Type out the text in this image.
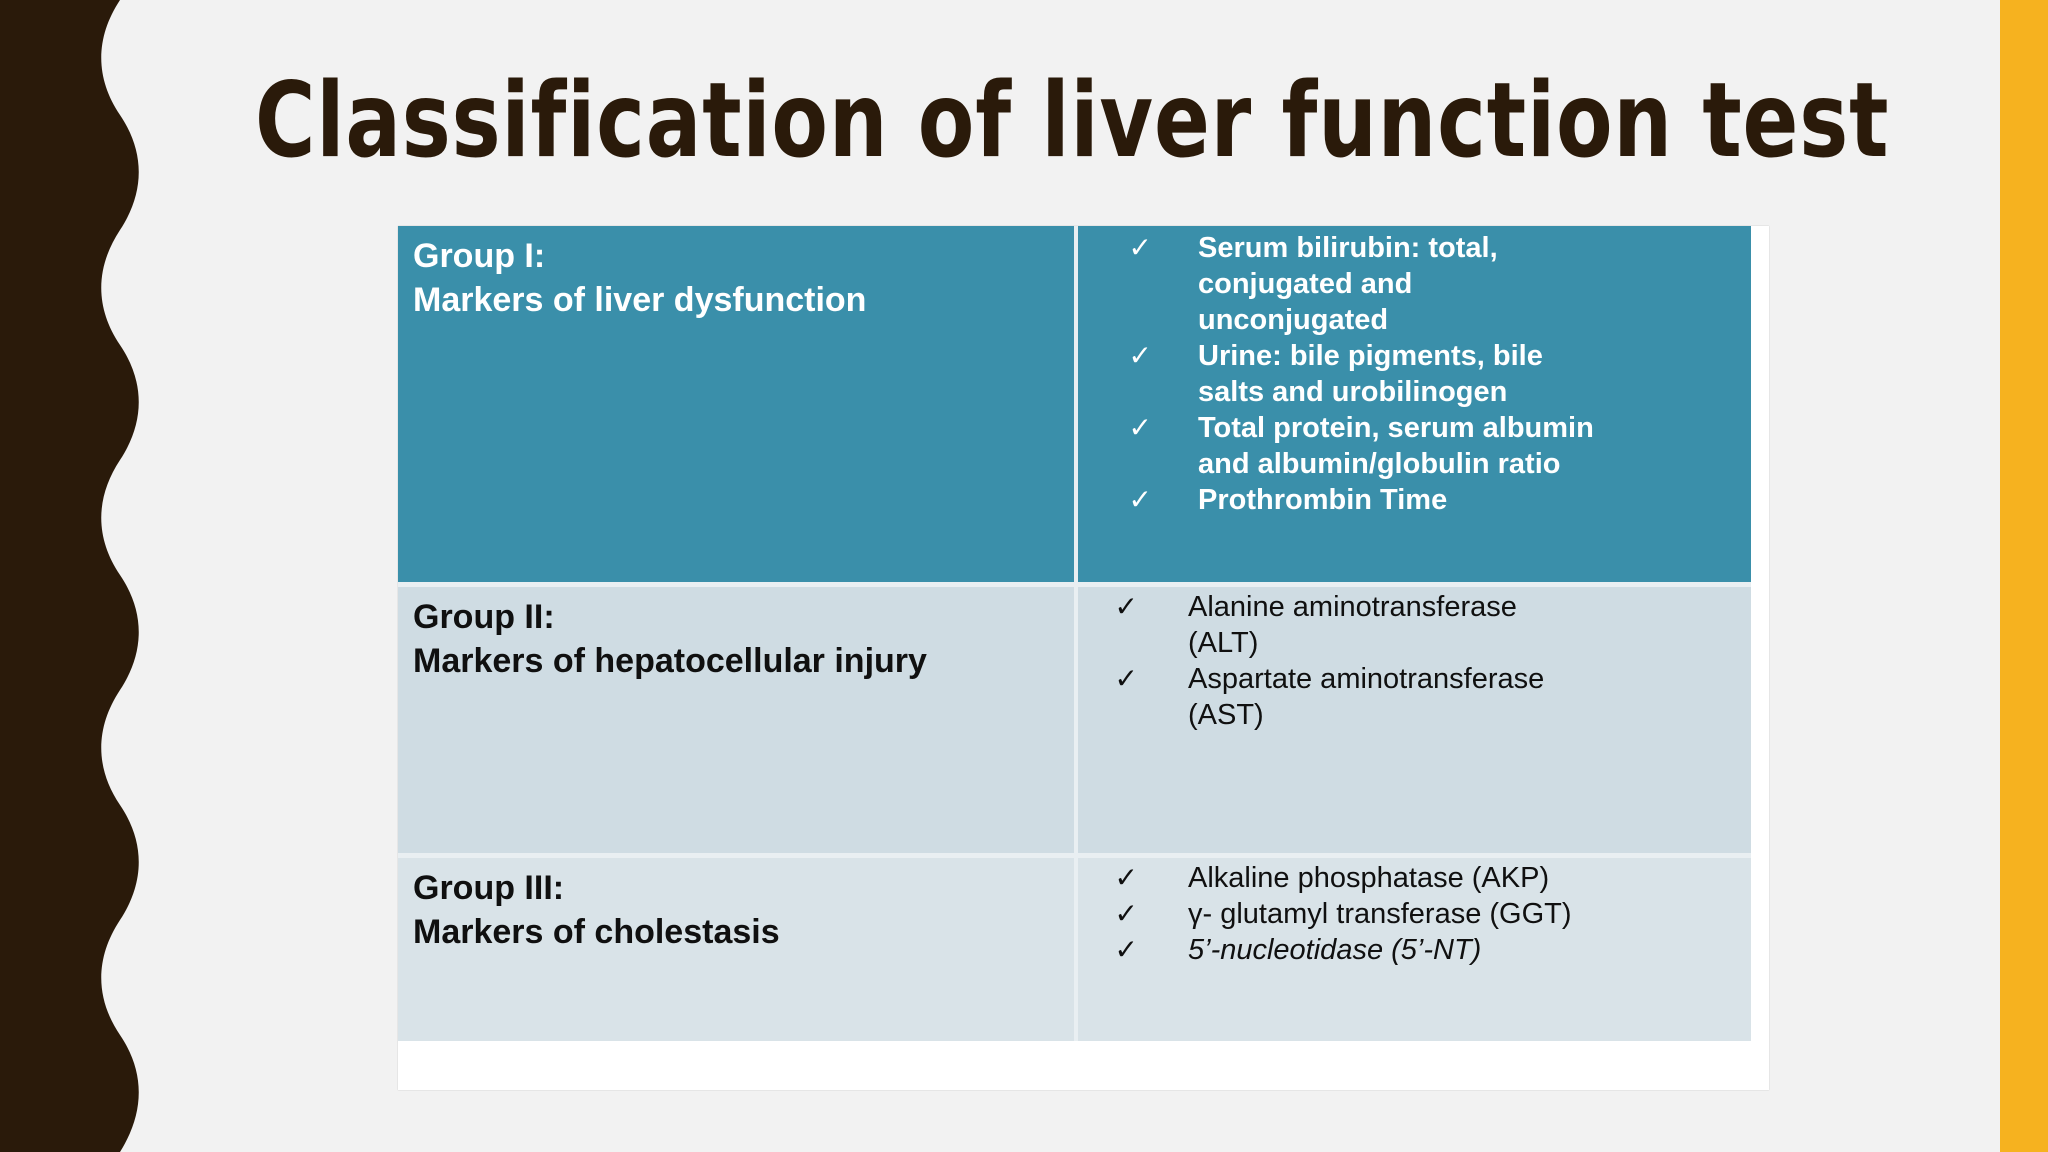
Classification of liver function test
Group I:
Markers of liver dysfunction
✓	Serum bilirubin: total,
conjugated and
unconjugated
✓	Urine: bile pigments, bile
salts and urobilinogen
✓	Total protein, serum albumin
and albumin/globulin ratio
✓	Prothrombin Time
Group II:
Markers of hepatocellular injury
✓	Alanine aminotransferase
(ALT)
✓	Aspartate aminotransferase
(AST)
Group III:
Markers of cholestasis
✓	Alkaline phosphatase (AKP)
✓	γ- glutamyl transferase (GGT)
✓	5’-nucleotidase (5’-NT)
